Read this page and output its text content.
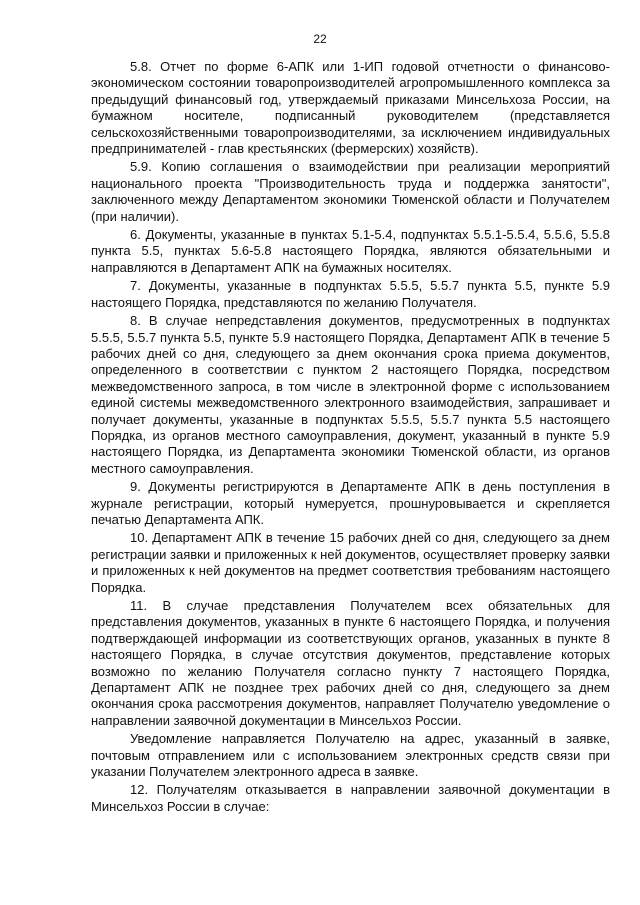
22

5.8. Отчет по форме 6-АПК или 1-ИП годовой отчетности о финансово-экономическом состоянии товаропроизводителей агропромышленного комплекса за предыдущий финансовый год, утверждаемый приказами Минсельхоза России, на бумажном носителе, подписанный руководителем (представляется сельскохозяйственными товаропроизводителями, за исключением индивидуальных предпринимателей - глав крестьянских (фермерских) хозяйств).

5.9. Копию соглашения о взаимодействии при реализации мероприятий национального проекта "Производительность труда и поддержка занятости", заключенного между Департаментом экономики Тюменской области и Получателем (при наличии).

6. Документы, указанные в пунктах 5.1-5.4, подпунктах 5.5.1-5.5.4, 5.5.6, 5.5.8 пункта 5.5, пунктах 5.6-5.8 настоящего Порядка, являются обязательными и направляются в Департамент АПК на бумажных носителях.

7. Документы, указанные в подпунктах 5.5.5, 5.5.7 пункта 5.5, пункте 5.9 настоящего Порядка, представляются по желанию Получателя.

8. В случае непредставления документов, предусмотренных в подпунктах 5.5.5, 5.5.7 пункта 5.5, пункте 5.9 настоящего Порядка, Департамент АПК в течение 5 рабочих дней со дня, следующего за днем окончания срока приема документов, определенного в соответствии с пунктом 2 настоящего Порядка, посредством межведомственного запроса, в том числе в электронной форме с использованием единой системы межведомственного электронного взаимодействия, запрашивает и получает документы, указанные в подпунктах 5.5.5, 5.5.7 пункта 5.5 настоящего Порядка, из органов местного самоуправления, документ, указанный в пункте 5.9 настоящего Порядка, из Департамента экономики Тюменской области, из органов местного самоуправления.

9. Документы регистрируются в Департаменте АПК в день поступления в журнале регистрации, который нумеруется, прошнуровывается и скрепляется печатью Департамента АПК.

10. Департамент АПК в течение 15 рабочих дней со дня, следующего за днем регистрации заявки и приложенных к ней документов, осуществляет проверку заявки и приложенных к ней документов на предмет соответствия требованиям настоящего Порядка.

11. В случае представления Получателем всех обязательных для представления документов, указанных в пункте 6 настоящего Порядка, и получения подтверждающей информации из соответствующих органов, указанных в пункте 8 настоящего Порядка, в случае отсутствия документов, представление которых возможно по желанию Получателя согласно пункту 7 настоящего Порядка, Департамент АПК не позднее трех рабочих дней со дня, следующего за днем окончания срока рассмотрения документов, направляет Получателю уведомление о направлении заявочной документации в Минсельхоз России.

Уведомление направляется Получателю на адрес, указанный в заявке, почтовым отправлением или с использованием электронных средств связи при указании Получателем электронного адреса в заявке.

12. Получателям отказывается в направлении заявочной документации в Минсельхоз России в случае:
